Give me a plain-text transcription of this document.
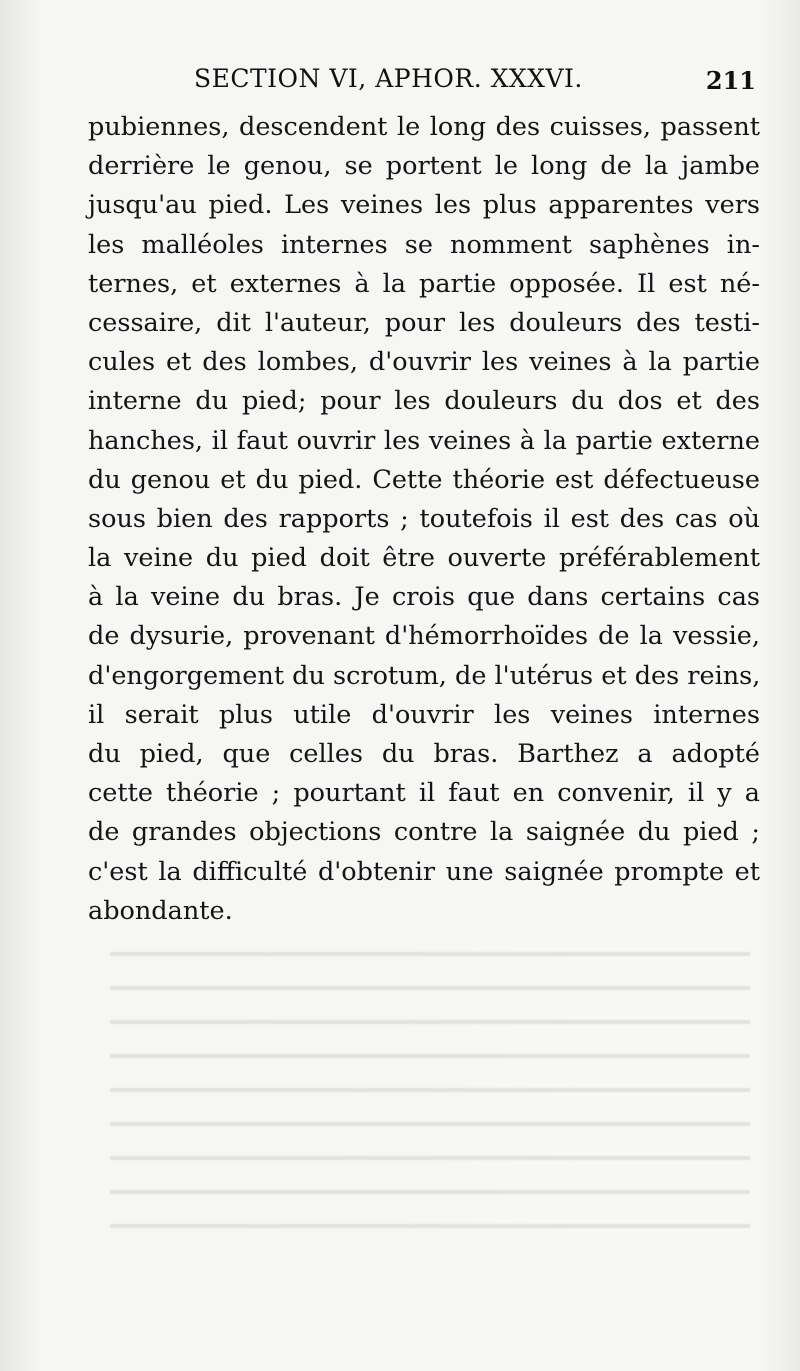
SECTION VI, APHOR. XXXVI.	211
pubiennes, descendent le long des cuisses, passent
derrière le genou, se portent le long de la jambe
jusqu'au pied. Les veines les plus apparentes vers
les malléoles internes se nomment saphènes in-
ternes, et externes à la partie opposée. Il est né-
cessaire, dit l'auteur, pour les douleurs des testi-
cules et des lombes, d'ouvrir les veines à la partie
interne du pied; pour les douleurs du dos et des
hanches, il faut ouvrir les veines à la partie externe
du genou et du pied. Cette théorie est défectueuse
sous bien des rapports ; toutefois il est des cas où
la veine du pied doit être ouverte préférablement
à la veine du bras. Je crois que dans certains cas
de dysurie, provenant d'hémorrhoïdes de la vessie,
d'engorgement du scrotum, de l'utérus et des reins,
il serait plus utile d'ouvrir les veines internes
du pied, que celles du bras. Barthez a adopté
cette théorie ; pourtant il faut en convenir, il y a
de grandes objections contre la saignée du pied ;
c'est la difficulté d'obtenir une saignée prompte et
abondante.
